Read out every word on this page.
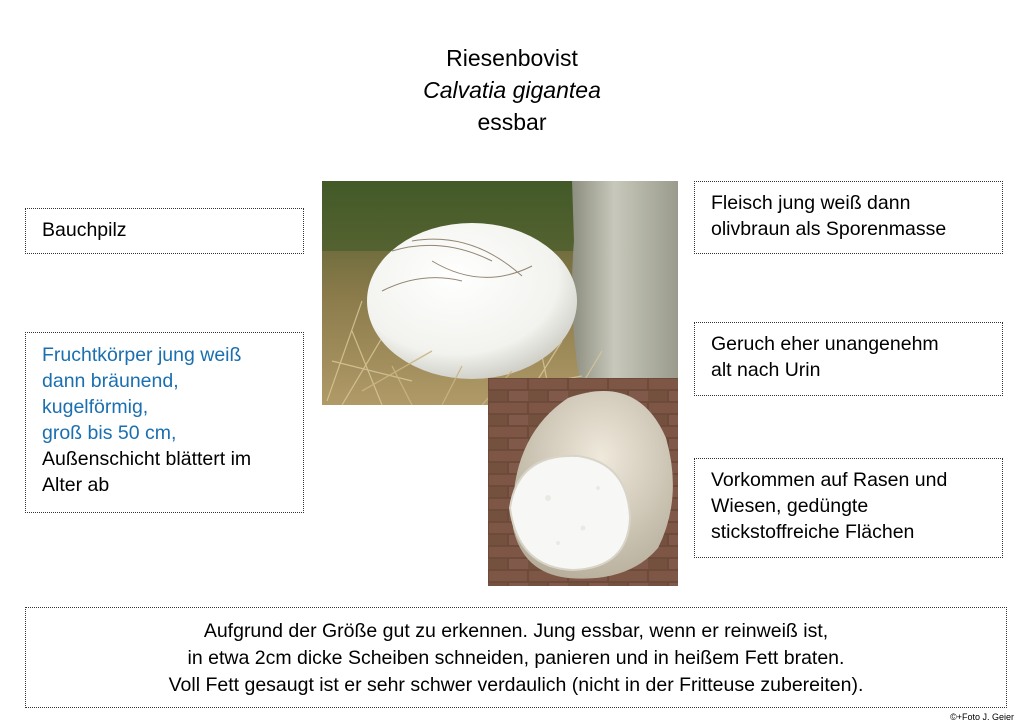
Riesenbovist
Calvatia gigantea
essbar
Bauchpilz
Fruchtkörper jung weiß
dann bräunend,
kugelförmig,
groß bis 50 cm,
Außenschicht blättert im
Alter ab
Fleisch jung weiß dann
olivbraun als Sporenmasse
Geruch eher unangenehm
alt nach Urin
Vorkommen auf Rasen und
Wiesen, gedüngte
stickstoffreiche Flächen
Aufgrund der Größe gut zu erkennen. Jung essbar, wenn er reinweiß ist,
in etwa 2cm dicke Scheiben schneiden, panieren und in heißem Fett braten.
Voll Fett gesaugt ist er sehr schwer verdaulich (nicht in der Fritteuse zubereiten).
©+Foto J. Geier
